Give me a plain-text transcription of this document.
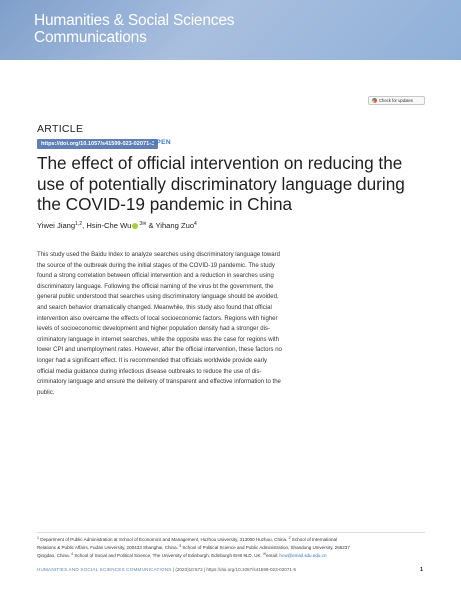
Humanities & Social Sciences
Communications
Check for updates
ARTICLE
https://doi.org/10.1057/s41599-023-02071-5
OPEN
The effect of official intervention on reducing the
use of potentially discriminatory language during
the COVID-19 pandemic in China
Yiwei Jiang$^{1,2}$, Hsin-Che Wu $^{3✉}$ & Yihang Zuo$^4$
This study used the Baidu Index to analyze searches using discriminatory language toward
the source of the outbreak during the initial stages of the COVID-19 pandemic. The study
found a strong correlation between official intervention and a reduction in searches using
discriminatory language. Following the official naming of the virus bt the government, the
general public understood that searches using discriminatory language should be avoided,
and search behavior dramatically changed. Meanwhile, this study also found that official
intervention also overcame the effects of local socioeconomic factors. Regions with higher
levels of socioeconomic development and higher population density had a stronger dis-
criminatory language in internet searches, while the opposite was the case for regions with
lower CPI and unemployment rates. However, after the official intervention, these factors no
longer had a significant effect. It is recommended that officials worldwide provide early
official media guidance during infectious disease outbreaks to reduce the use of dis-
criminatory language and ensure the delivery of transparent and effective information to the
public.
$^1$ Department of Public Administration at School of Economics and Management, Huzhou University, 313000 Huzhou, China. $^2$ School of International
Relations & Public Affairs, Fudan University, 200433 Shanghai, China. $^3$ School of Political Science and Public Administration, Shandong University, 266237
Qingdao, China. $^4$ School of Social and Political Science, The University of Edinburgh, Edinburgh EH8 9LD, UK. ✉email: hcw@email.sdu.edu.cn
HUMANITIES AND SOCIAL SCIENCES COMMUNICATIONS | (2023)10:572 | https://doi.org/10.1057/s41599-023-02071-5	1
